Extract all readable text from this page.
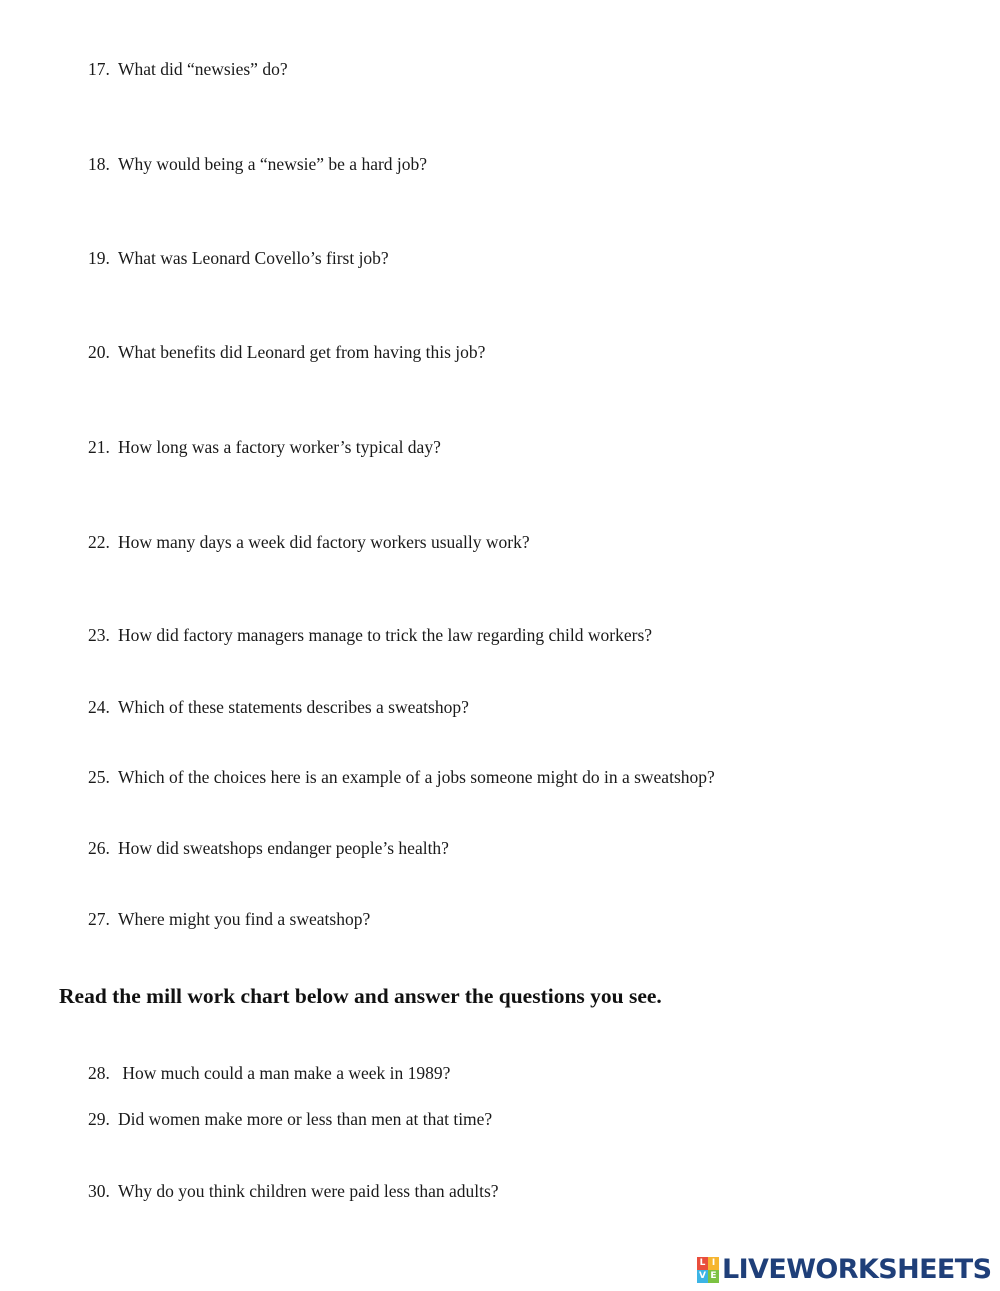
17. What did “newsies” do?
18. Why would being a “newsie” be a hard job?
19. What was Leonard Covello’s first job?
20. What benefits did Leonard get from having this job?
21. How long was a factory worker’s typical day?
22. How many days a week did factory workers usually work?
23. How did factory managers manage to trick the law regarding child workers?
24. Which of these statements describes a sweatshop?
25. Which of the choices here is an example of a jobs someone might do in a sweatshop?
26. How did sweatshops endanger people’s health?
27. Where might you find a sweatshop?
Read the mill work chart below and answer the questions you see.
28. How much could a man make a week in 1989?
29. Did women make more or less than men at that time?
30. Why do you think children were paid less than adults?
L I
V E LIVEWORKSHEETS
